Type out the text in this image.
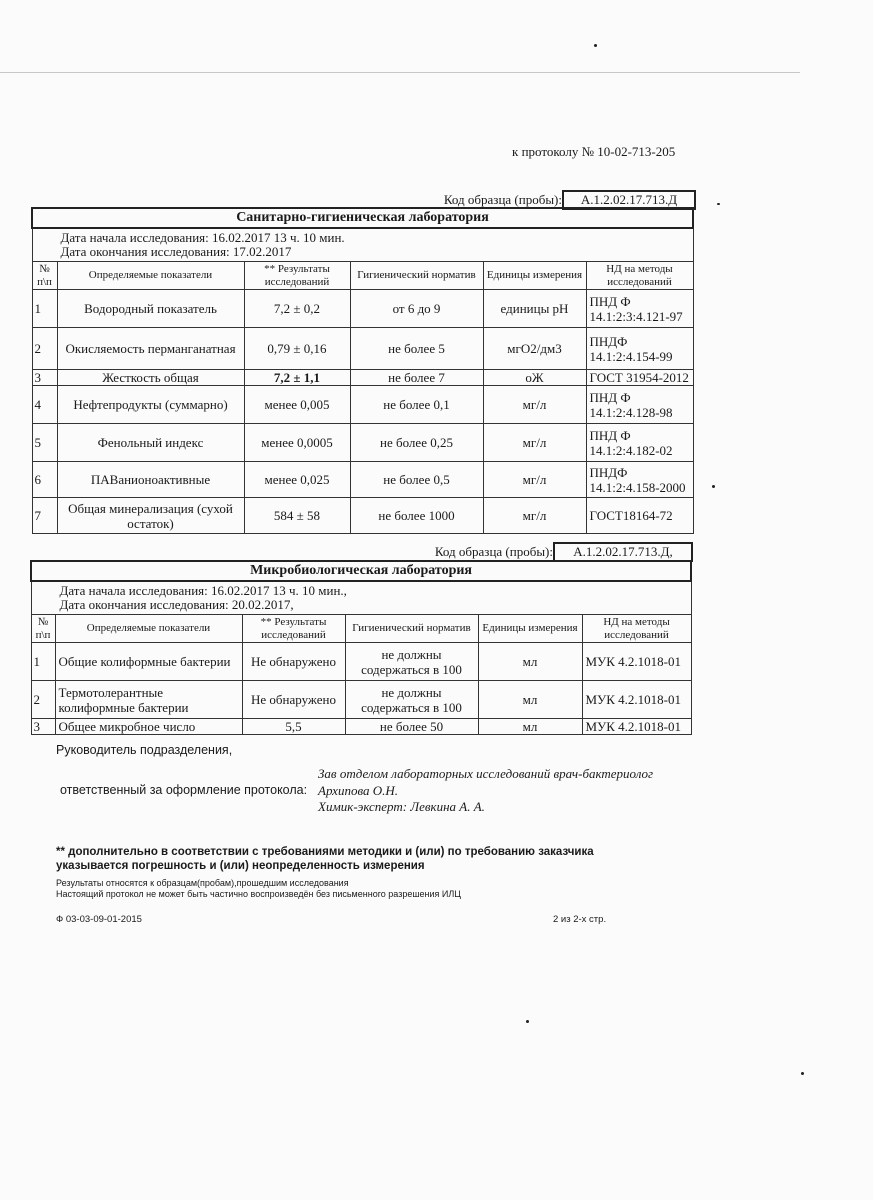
к протоколу № 10-02-713-205
Код образца (пробы):	А.1.2.02.17.713.Д
Санитарно-гигиеническая лаборатория					

Дата начала исследования: 16.02.2017 13 ч. 10 мин.
Дата окончания исследования: 17.02.2017					

№ п\п	Определяемые показатели	** Результаты исследований	Гигиенический норматив	Единицы измерения	НД на методы исследований
1	Водородный показатель	7,2 ± 0,2	от 6 до 9	единицы рН	ПНД Ф 14.1:2:3:4.121-97
2	Окисляемость перманганатная	0,79 ± 0,16	не более 5	мгО2/дм3	ПНДФ 14.1:2:4.154-99
3	Жесткость общая	7,2 ± 1,1	не более 7	оЖ	ГОСТ 31954-2012
4	Нефтепродукты (суммарно)	менее 0,005	не более 0,1	мг/л	ПНД Ф 14.1:2:4.128-98
5	Фенольный индекс	менее 0,0005	не более 0,25	мг/л	ПНД Ф 14.1:2:4.182-02
6	ПАВанионоактивные	менее 0,025	не более 0,5	мг/л	ПНДФ 14.1:2:4.158-2000
7	Общая минерализация (сухой остаток)	584 ± 58	не более 1000	мг/л	ГОСТ18164-72
Код образца (пробы):	А.1.2.02.17.713.Д,
Микробиологическая лаборатория					

Дата начала исследования: 16.02.2017 13 ч. 10 мин.,
Дата окончания исследования: 20.02.2017,					

№ п\п	Определяемые показатели	** Результаты исследований	Гигиенический норматив	Единицы измерения	НД на методы исследований
1	Общие колиформные бактерии	Не обнаружено	не должны содержаться в 100	мл	МУК 4.2.1018-01
2	Термотолерантные колиформные бактерии	Не обнаружено	не должны содержаться в 100	мл	МУК 4.2.1018-01
3	Общее микробное число	5,5	не более 50	мл	МУК 4.2.1018-01
Руководитель подразделения,
ответственный за оформление протокола:
Зав отделом лабораторных исследований врач-бактериолог
Архипова О.Н.
Химик-эксперт: Левкина А. А.
** дополнительно в соответствии с требованиями методики и (или) по требованию заказчика указывается погрешность и (или) неопределенность измерения
Результаты относятся к образцам(пробам),прошедшим исследования
Настоящий протокол не может быть частично воспроизведён без письменного разрешения ИЛЦ
Ф 03-03-09-01-2015	2 из 2-х стр.
